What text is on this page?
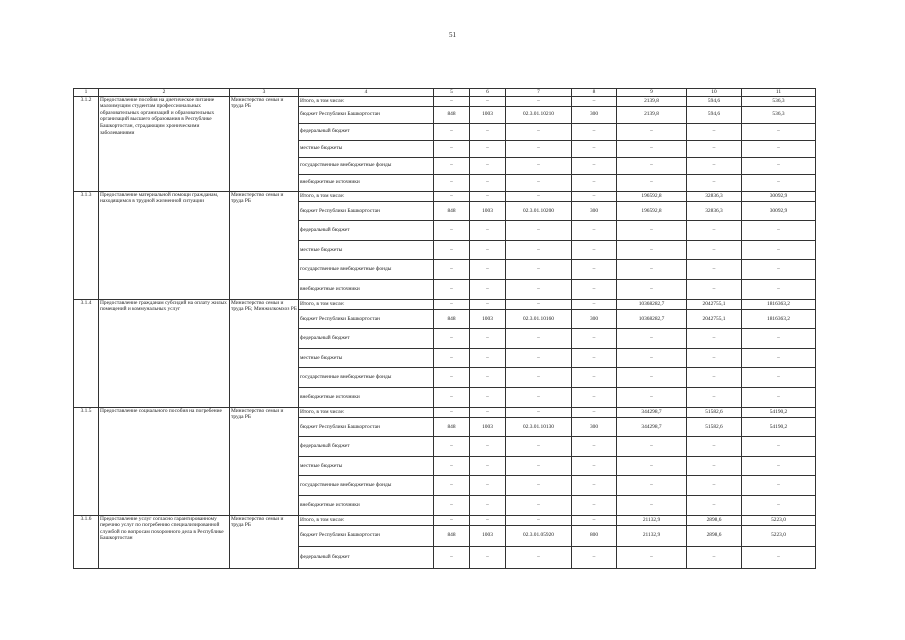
51
1	2	3	4	5	6	7	8	9	10	11
3.1.2	Предоставление пособия на диетическое питание малоимущим студентам профессиональных образовательных организаций и образовательных организаций высшего образования в Республике Башкортостан, страдающим хроническими заболеваниями	Министерство семьи и труда РБ	Итого, в том числе:	–	–	–	–	2139,8	594,6	536,3
			бюджет Республики Башкортостан	848	1003	02.3.01.10210	300	2139,8	594,6	536,3
			федеральный бюджет	–	–	–	–	–	–	–
			местные бюджеты	–	–	–	–	–	–	–
			государственные внебюджетные фонды	–	–	–	–	–	–	–
			внебюджетные источники	–	–	–	–	–	–	–
3.1.3	Предоставление материальной помощи гражданам, находящимся в трудной жизненной ситуации	Министерство семьи и труда РБ	Итого, в том числе:	–	–	–	–	196592,8	32836,3	30092,9
			бюджет Республики Башкортостан	848	1003	02.3.01.10200	300	196592,8	32836,3	30092,9
			федеральный бюджет	–	–	–	–	–	–	–
			местные бюджеты	–	–	–	–	–	–	–
			государственные внебюджетные фонды	–	–	–	–	–	–	–
			внебюджетные источники	–	–	–	–	–	–	–
3.1.4	Предоставление гражданам субсидий на оплату жилых помещений и коммунальных услуг	Министерство семьи и труда РБ; Минжилкомхоз РБ	Итого, в том числе:	–	–	–	–	10368282,7	2042755,1	1816363,2
			бюджет Республики Башкортостан	848	1003	02.3.01.10160	300	10368282,7	2042755,1	1816363,2
			федеральный бюджет	–	–	–	–	–	–	–
			местные бюджеты	–	–	–	–	–	–	–
			государственные внебюджетные фонды	–	–	–	–	–	–	–
			внебюджетные источники	–	–	–	–	–	–	–
3.1.5	Предоставление социального пособия на погребение	Министерство семьи и труда РБ	Итого, в том числе:	–	–	–	–	344298,7	51582,6	54190,2
			бюджет Республики Башкортостан	848	1003	02.3.01.10130	300	344298,7	51582,6	54190,2
			федеральный бюджет	–	–	–	–	–	–	–
			местные бюджеты	–	–	–	–	–	–	–
			государственные внебюджетные фонды	–	–	–	–	–	–	–
			внебюджетные источники	–	–	–	–	–	–	–
3.1.6	Предоставление услуг согласно гарантированному перечню услуг по погребению специализированной службой по вопросам похоронного дела в Республике Башкортостан	Министерство семьи и труда РБ	Итого, в том числе:	–	–	–	–	21132,9	2898,6	5223,0
			бюджет Республики Башкортостан	848	1003	02.3.01.05920	800	21132,9	2898,6	5223,0
			федеральный бюджет	–	–	–	–	–	–	–
